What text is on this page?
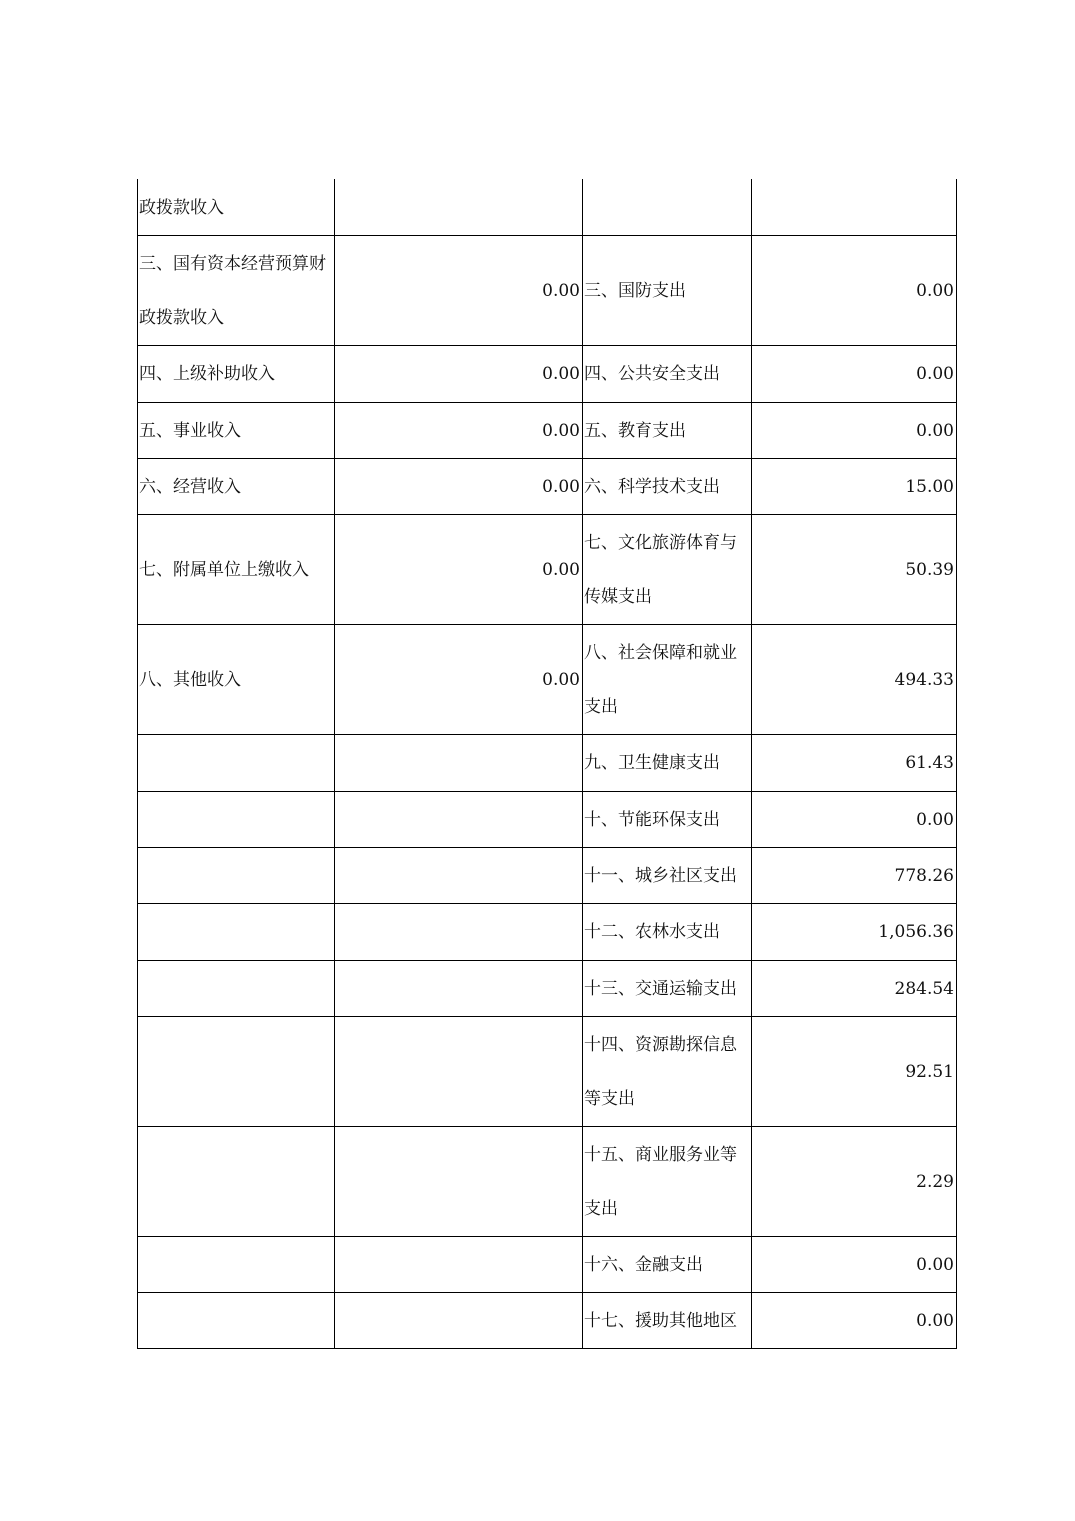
政拨款收入			
三、国有资本经营预算财政拨款收入	0.00	三、国防支出	0.00
四、上级补助收入	0.00	四、公共安全支出	0.00
五、事业收入	0.00	五、教育支出	0.00
六、经营收入	0.00	六、科学技术支出	15.00
七、附属单位上缴收入	0.00	七、文化旅游体育与传媒支出	50.39
八、其他收入	0.00	八、社会保障和就业支出	494.33
		九、卫生健康支出	61.43
		十、节能环保支出	0.00
		十一、城乡社区支出	778.26
		十二、农林水支出	1,056.36
		十三、交通运输支出	284.54
		十四、资源勘探信息等支出	92.51
		十五、商业服务业等支出	2.29
		十六、金融支出	0.00
		十七、援助其他地区	0.00
